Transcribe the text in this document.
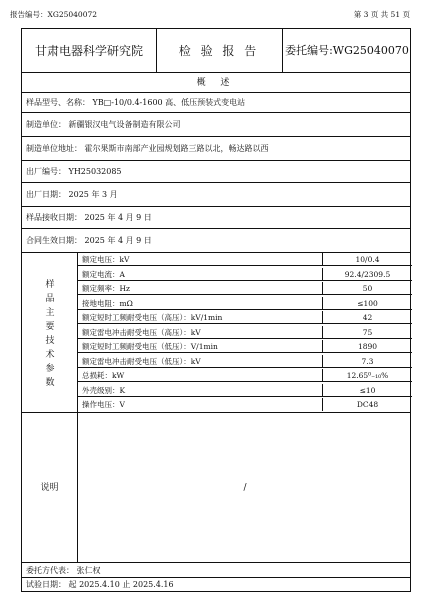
报告编号：XG25040072	第 3 页 共 51 页
甘肃电器科学研究院	检 验 报 告	委托编号:WG25040070
概 述
样品型号、名称： YB□-10/0.4-1600 高、低压预装式变电站
制造单位： 新疆银汉电气设备制造有限公司
制造单位地址： 霍尔果斯市南部产业园规划路三路以北，畅达路以西
出厂编号： YH25032085
出厂日期： 2025 年 3 月
样品接收日期： 2025 年 4 月 9 日
合同生效日期： 2025 年 4 月 9 日
样
品
主
要
技
术
参
数
额定电压：kV	10/0.4
额定电流：A	92.4/2309.5
额定频率：Hz	50
接地电阻：mΩ	≤100
额定短时工频耐受电压（高压）：kV/1min	42
额定雷电冲击耐受电压（高压）：kV	75
额定短时工频耐受电压（低压）：V/1min	1890
额定雷电冲击耐受电压（低压）：kV	7.3
总损耗：kW	12.65⁰₋₁₀%
外壳级别：K	≤10
操作电压：V	DC48
说明	/
委托方代表： 张仁权
试验日期： 起 2025.4.10 止 2025.4.16
